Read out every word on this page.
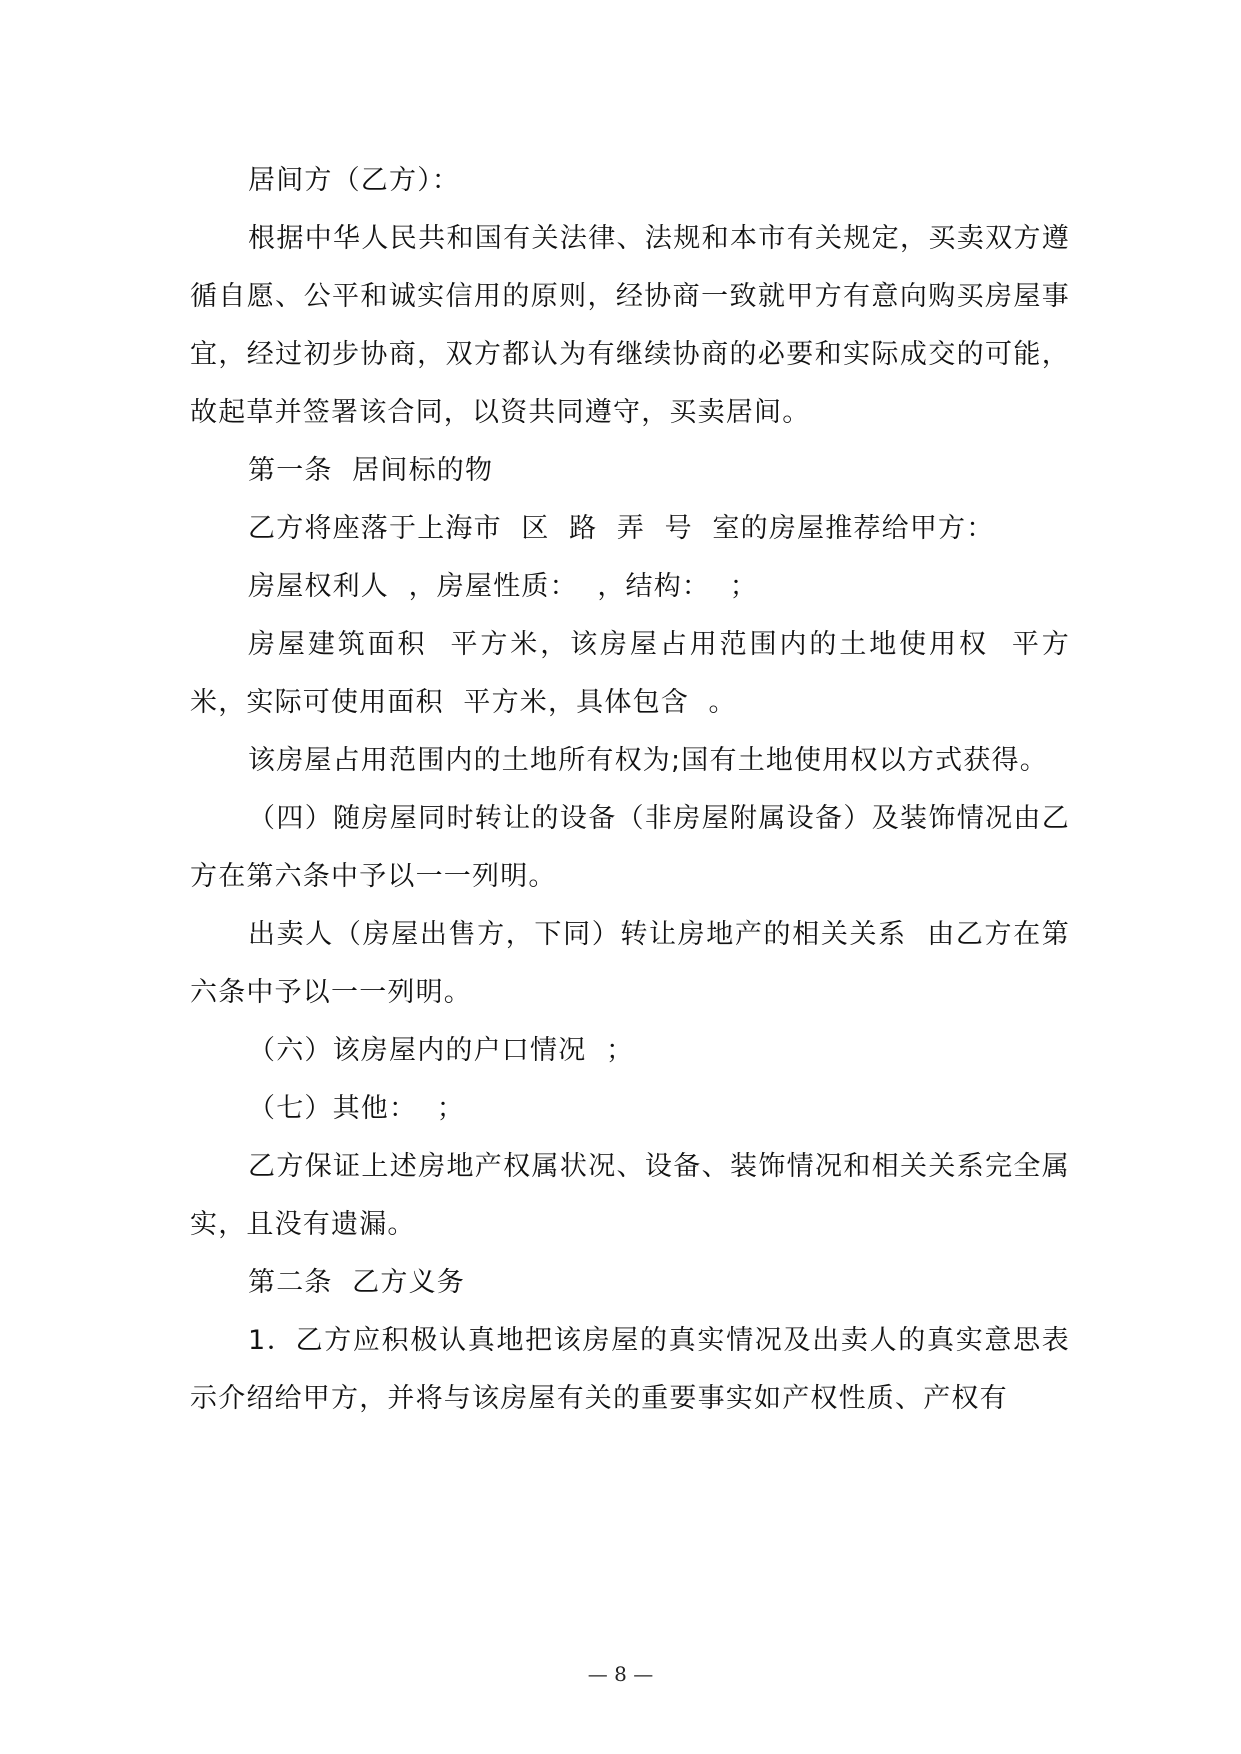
居间方（乙方）：

根据中华人民共和国有关法律、法规和本市有关规定，买卖双方遵循自愿、公平和诚实信用的原则，经协商一致就甲方有意向购买房屋事宜，经过初步协商，双方都认为有继续协商的必要和实际成交的可能，故起草并签署该合同，以资共同遵守，买卖居间。

第一条  居间标的物

乙方将座落于上海市  区  路  弄  号  室的房屋推荐给甲方：

房屋权利人  ，房屋性质：  ，结构：  ；

房屋建筑面积  平方米，该房屋占用范围内的土地使用权  平方米，实际可使用面积  平方米，具体包含  。

该房屋占用范围内的土地所有权为;国有土地使用权以方式获得。

（四）随房屋同时转让的设备（非房屋附属设备）及装饰情况由乙方在第六条中予以一一列明。

出卖人（房屋出售方，下同）转让房地产的相关关系  由乙方在第六条中予以一一列明。

（六）该房屋内的户口情况  ；

（七）其他：  ；

乙方保证上述房地产权属状况、设备、装饰情况和相关关系完全属实，且没有遗漏。

第二条  乙方义务

1．乙方应积极认真地把该房屋的真实情况及出卖人的真实意思表示介绍给甲方，并将与该房屋有关的重要事实如产权性质、产权有

— 8 —
